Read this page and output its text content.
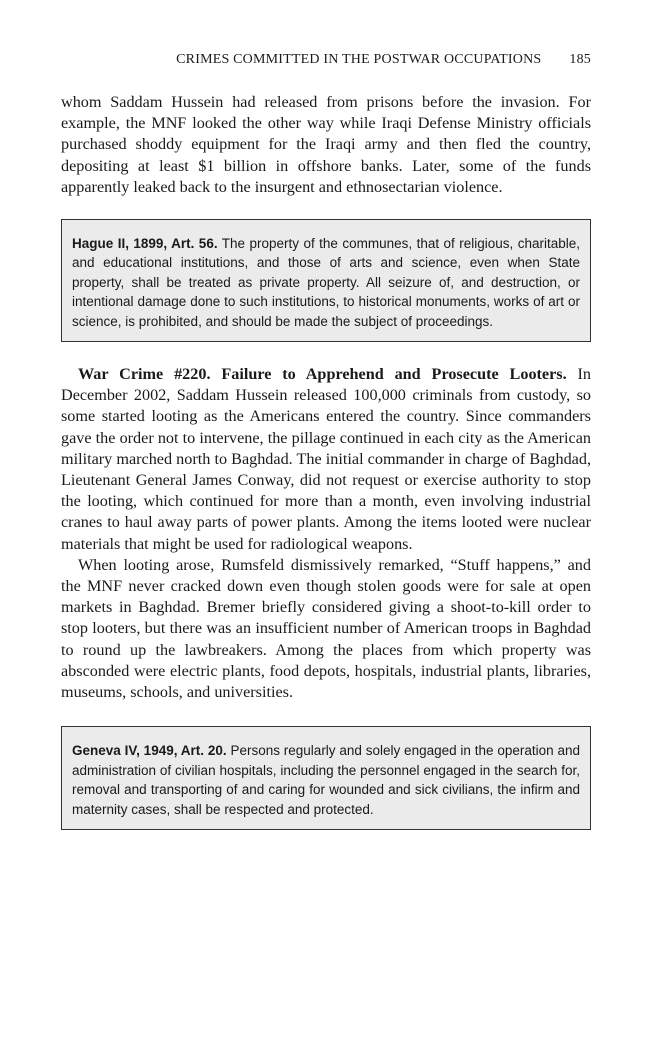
CRIMES COMMITTED IN THE POSTWAR OCCUPATIONS 185

whom Saddam Hussein had released from prisons before the invasion. For example, the MNF looked the other way while Iraqi Defense Ministry officials purchased shoddy equipment for the Iraqi army and then fled the country, depositing at least $1 billion in offshore banks. Later, some of the funds apparently leaked back to the insurgent and ethnosectarian violence.

Hague II, 1899, Art. 56. The property of the communes, that of religious, charitable, and educational institutions, and those of arts and science, even when State property, shall be treated as private property. All seizure of, and destruction, or intentional damage done to such institutions, to historical monuments, works of art or science, is prohibited, and should be made the subject of proceedings.

War Crime #220. Failure to Apprehend and Prosecute Looters. In December 2002, Saddam Hussein released 100,000 criminals from custody, so some started looting as the Americans entered the country. Since commanders gave the order not to intervene, the pillage continued in each city as the American military marched north to Baghdad. The initial commander in charge of Baghdad, Lieutenant General James Conway, did not request or exercise authority to stop the looting, which continued for more than a month, even involving industrial cranes to haul away parts of power plants. Among the items looted were nuclear materials that might be used for radiological weapons.

When looting arose, Rumsfeld dismissively remarked, “Stuff happens,” and the MNF never cracked down even though stolen goods were for sale at open markets in Baghdad. Bremer briefly considered giving a shoot-to-kill order to stop looters, but there was an insufficient number of American troops in Baghdad to round up the lawbreakers. Among the places from which property was absconded were electric plants, food depots, hospitals, industrial plants, libraries, museums, schools, and universities.

Geneva IV, 1949, Art. 20. Persons regularly and solely engaged in the operation and administration of civilian hospitals, including the personnel engaged in the search for, removal and transporting of and caring for wounded and sick civilians, the infirm and maternity cases, shall be respected and protected.
